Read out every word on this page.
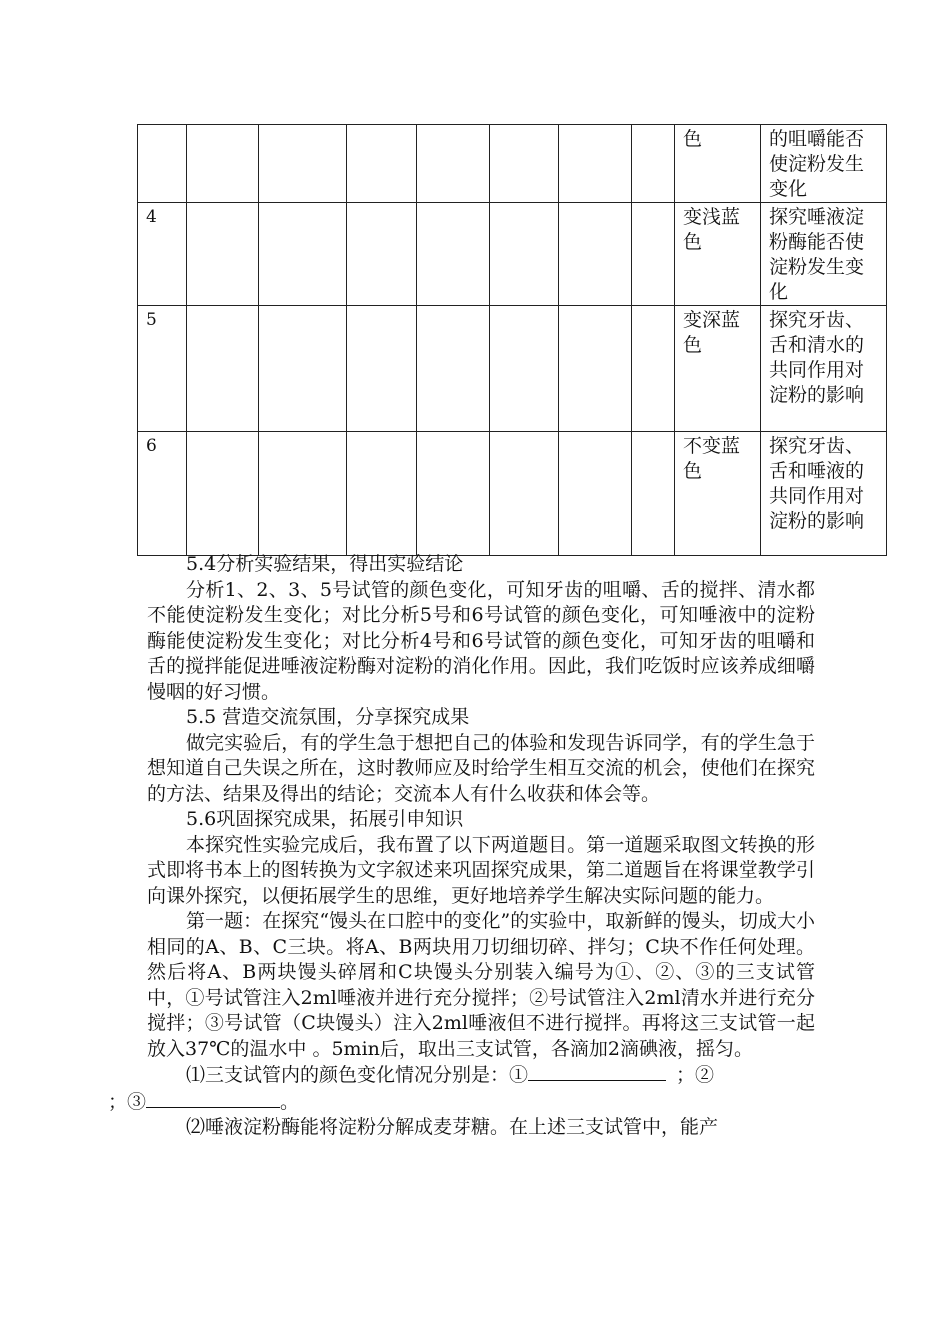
								色	的咀嚼能否使淀粉发生变化
4								变浅蓝色	探究唾液淀粉酶能否使淀粉发生变化
5								变深蓝色	探究牙齿、舌和清水的共同作用对淀粉的影响
6								不变蓝色	探究牙齿、舌和唾液的共同作用对淀粉的影响

5.4分析实验结果，得出实验结论

分析1、2、3、5号试管的颜色变化，可知牙齿的咀嚼、舌的搅拌、清水都不能使淀粉发生变化；对比分析5号和6号试管的颜色变化，可知唾液中的淀粉酶能使淀粉发生变化；对比分析4号和6号试管的颜色变化，可知牙齿的咀嚼和舌的搅拌能促进唾液淀粉酶对淀粉的消化作用。因此，我们吃饭时应该养成细嚼慢咽的好习惯。

5.5 营造交流氛围，分享探究成果

做完实验后，有的学生急于想把自己的体验和发现告诉同学，有的学生急于想知道自己失误之所在，这时教师应及时给学生相互交流的机会，使他们在探究的方法、结果及得出的结论；交流本人有什么收获和体会等。

5.6巩固探究成果，拓展引申知识

本探究性实验完成后，我布置了以下两道题目。第一道题采取图文转换的形式即将书本上的图转换为文字叙述来巩固探究成果，第二道题旨在将课堂教学引向课外探究，以便拓展学生的思维，更好地培养学生解决实际问题的能力。

第一题：在探究“馒头在口腔中的变化”的实验中，取新鲜的馒头，切成大小相同的A、B、C三块。将A、B两块用刀切细切碎、拌匀；C块不作任何处理。然后将A、B两块馒头碎屑和C块馒头分别装入编号为①、②、③的三支试管中，①号试管注入2ml唾液并进行充分搅拌；②号试管注入2ml清水并进行充分搅拌；③号试管（C块馒头）注入2ml唾液但不进行搅拌。再将这三支试管一起放入37℃的温水中 。5min后，取出三支试管，各滴加2滴碘液，摇匀。

⑴三支试管内的颜色变化情况分别是：①	；②
；③	。

⑵唾液淀粉酶能将淀粉分解成麦芽糖。在上述三支试管中，能产
